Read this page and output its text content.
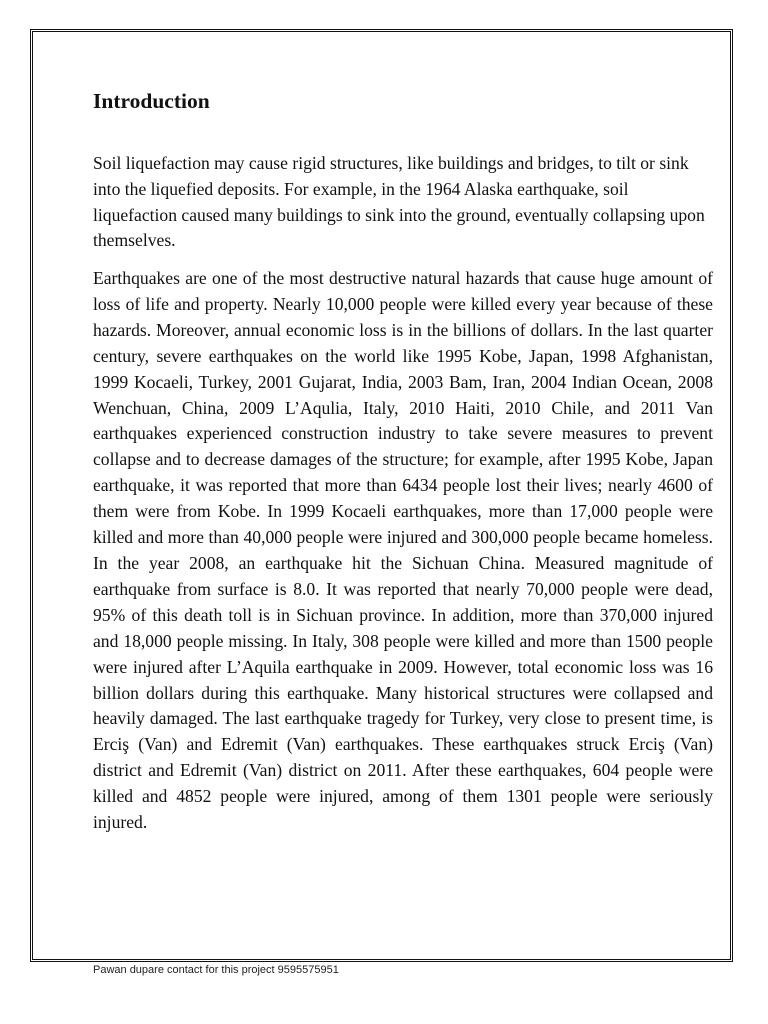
Introduction

Soil liquefaction may cause rigid structures, like buildings and bridges, to tilt or sink into the liquefied deposits. For example, in the 1964 Alaska earthquake, soil liquefaction caused many buildings to sink into the ground, eventually collapsing upon themselves.

Earthquakes are one of the most destructive natural hazards that cause huge amount of loss of life and property. Nearly 10,000 people were killed every year because of these hazards. Moreover, annual economic loss is in the billions of dollars. In the last quarter century, severe earthquakes on the world like 1995 Kobe, Japan, 1998 Afghanistan, 1999 Kocaeli, Turkey, 2001 Gujarat, India, 2003 Bam, Iran, 2004 Indian Ocean, 2008 Wenchuan, China, 2009 L’Aqulia, Italy, 2010 Haiti, 2010 Chile, and 2011 Van earthquakes experienced construction industry to take severe measures to prevent collapse and to decrease damages of the structure; for example, after 1995 Kobe, Japan earthquake, it was reported that more than 6434 people lost their lives; nearly 4600 of them were from Kobe. In 1999 Kocaeli earthquakes, more than 17,000 people were killed and more than 40,000 people were injured and 300,000 people became homeless. In the year 2008, an earthquake hit the Sichuan China. Measured magnitude of earthquake from surface is 8.0. It was reported that nearly 70,000 people were dead, 95% of this death toll is in Sichuan province. In addition, more than 370,000 injured and 18,000 people missing. In Italy, 308 people were killed and more than 1500 people were injured after L’Aquila earthquake in 2009. However, total economic loss was 16 billion dollars during this earthquake. Many historical structures were collapsed and heavily damaged. The last earthquake tragedy for Turkey, very close to present time, is Erciş (Van) and Edremit (Van) earthquakes. These earthquakes struck Erciş (Van) district and Edremit (Van) district on 2011. After these earthquakes, 604 people were killed and 4852 people were injured, among of them 1301 people were seriously injured.

Pawan dupare contact for this project 9595575951
